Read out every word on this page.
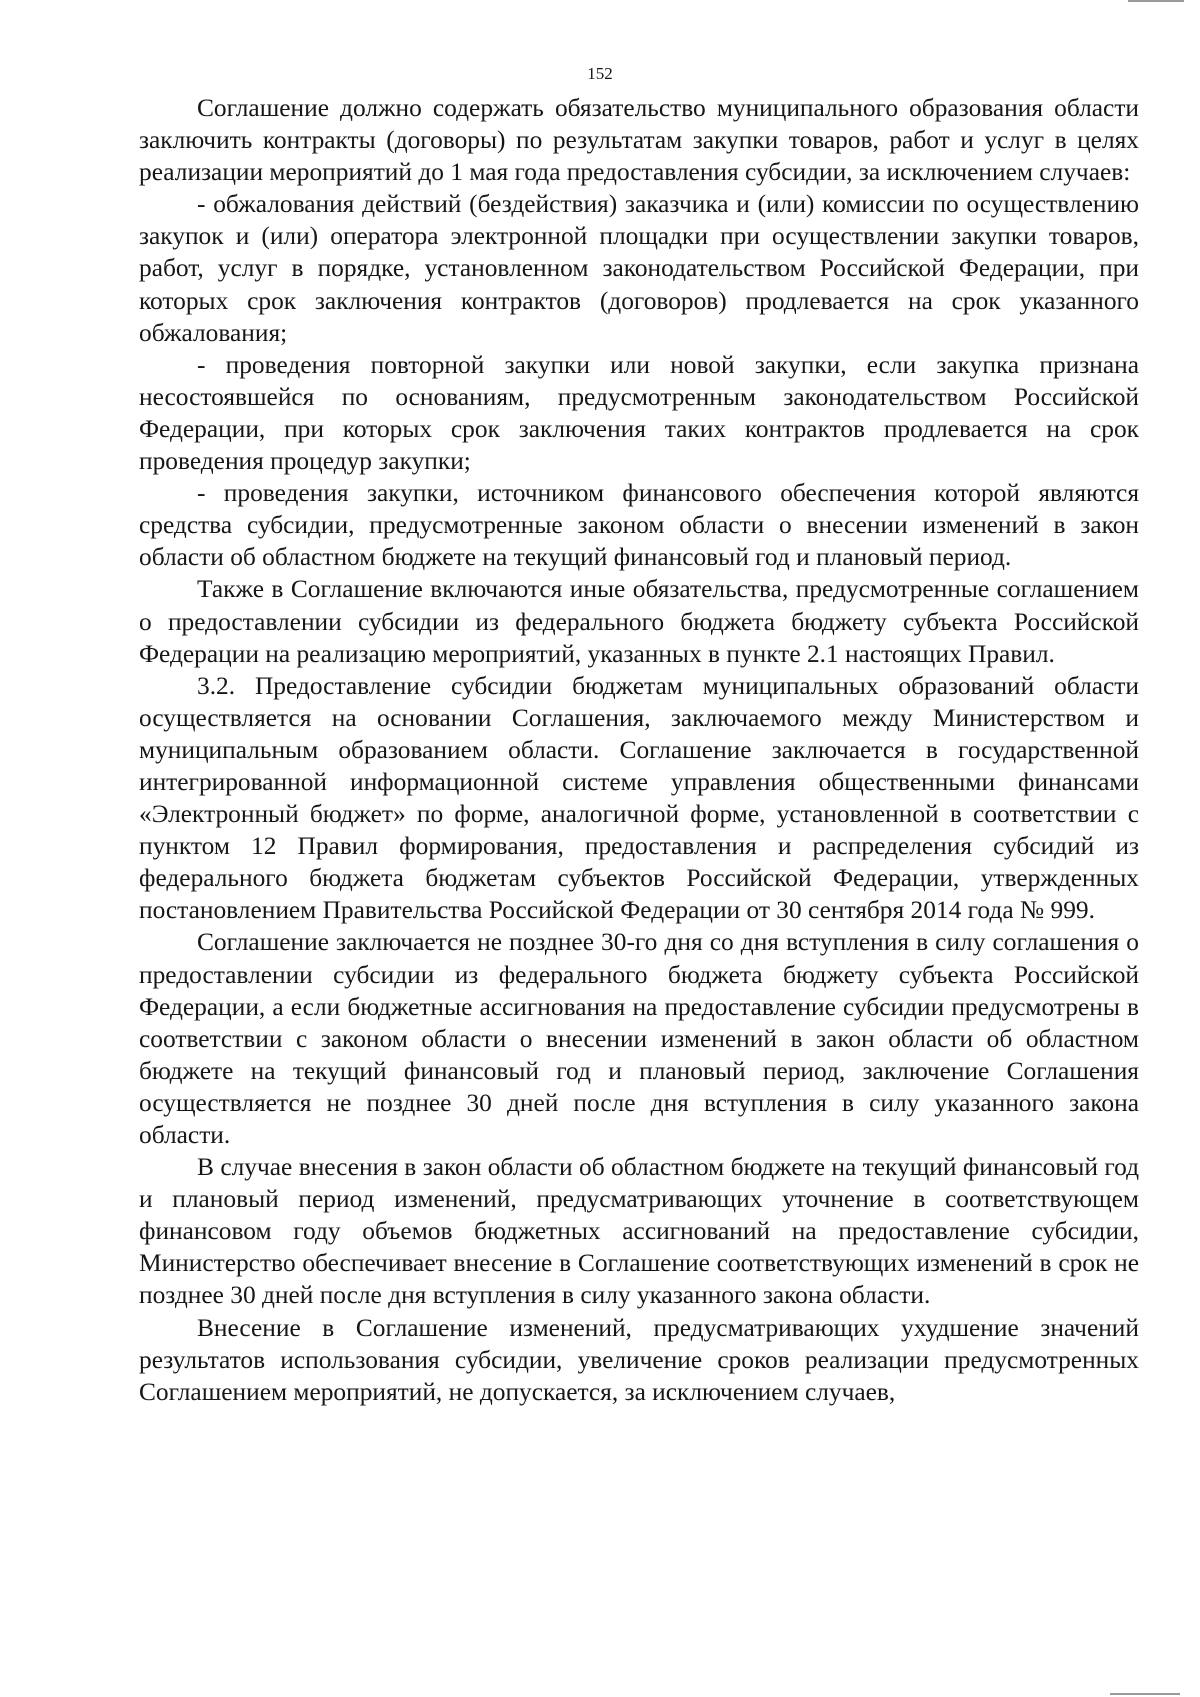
152

Соглашение должно содержать обязательство муниципального образования области заключить контракты (договоры) по результатам закупки товаров, работ и услуг в целях реализации мероприятий до 1 мая года предоставления субсидии, за исключением случаев:

- обжалования действий (бездействия) заказчика и (или) комиссии по осуществлению закупок и (или) оператора электронной площадки при осуществлении закупки товаров, работ, услуг в порядке, установленном законодательством Российской Федерации, при которых срок заключения контрактов (договоров) продлевается на срок указанного обжалования;

- проведения повторной закупки или новой закупки, если закупка признана несостоявшейся по основаниям, предусмотренным законодательством Российской Федерации, при которых срок заключения таких контрактов продлевается на срок проведения процедур закупки;

- проведения закупки, источником финансового обеспечения которой являются средства субсидии, предусмотренные законом области о внесении изменений в закон области об областном бюджете на текущий финансовый год и плановый период.

Также в Соглашение включаются иные обязательства, предусмотренные соглашением о предоставлении субсидии из федерального бюджета бюджету субъекта Российской Федерации на реализацию мероприятий, указанных в пункте 2.1 настоящих Правил.

3.2. Предоставление субсидии бюджетам муниципальных образований области осуществляется на основании Соглашения, заключаемого между Министерством и муниципальным образованием области. Соглашение заключается в государственной интегрированной информационной системе управления общественными финансами «Электронный бюджет» по форме, аналогичной форме, установленной в соответствии с пунктом 12 Правил формирования, предоставления и распределения субсидий из федерального бюджета бюджетам субъектов Российской Федерации, утвержденных постановлением Правительства Российской Федерации от 30 сентября 2014 года № 999.

Соглашение заключается не позднее 30-го дня со дня вступления в силу соглашения о предоставлении субсидии из федерального бюджета бюджету субъекта Российской Федерации, а если бюджетные ассигнования на предоставление субсидии предусмотрены в соответствии с законом области о внесении изменений в закон области об областном бюджете на текущий финансовый год и плановый период, заключение Соглашения осуществляется не позднее 30 дней после дня вступления в силу указанного закона области.

В случае внесения в закон области об областном бюджете на текущий финансовый год и плановый период изменений, предусматривающих уточнение в соответствующем финансовом году объемов бюджетных ассигнований на предоставление субсидии, Министерство обеспечивает внесение в Соглашение соответствующих изменений в срок не позднее 30 дней после дня вступления в силу указанного закона области.

Внесение в Соглашение изменений, предусматривающих ухудшение значений результатов использования субсидии, увеличение сроков реализации предусмотренных Соглашением мероприятий, не допускается, за исключением случаев,
